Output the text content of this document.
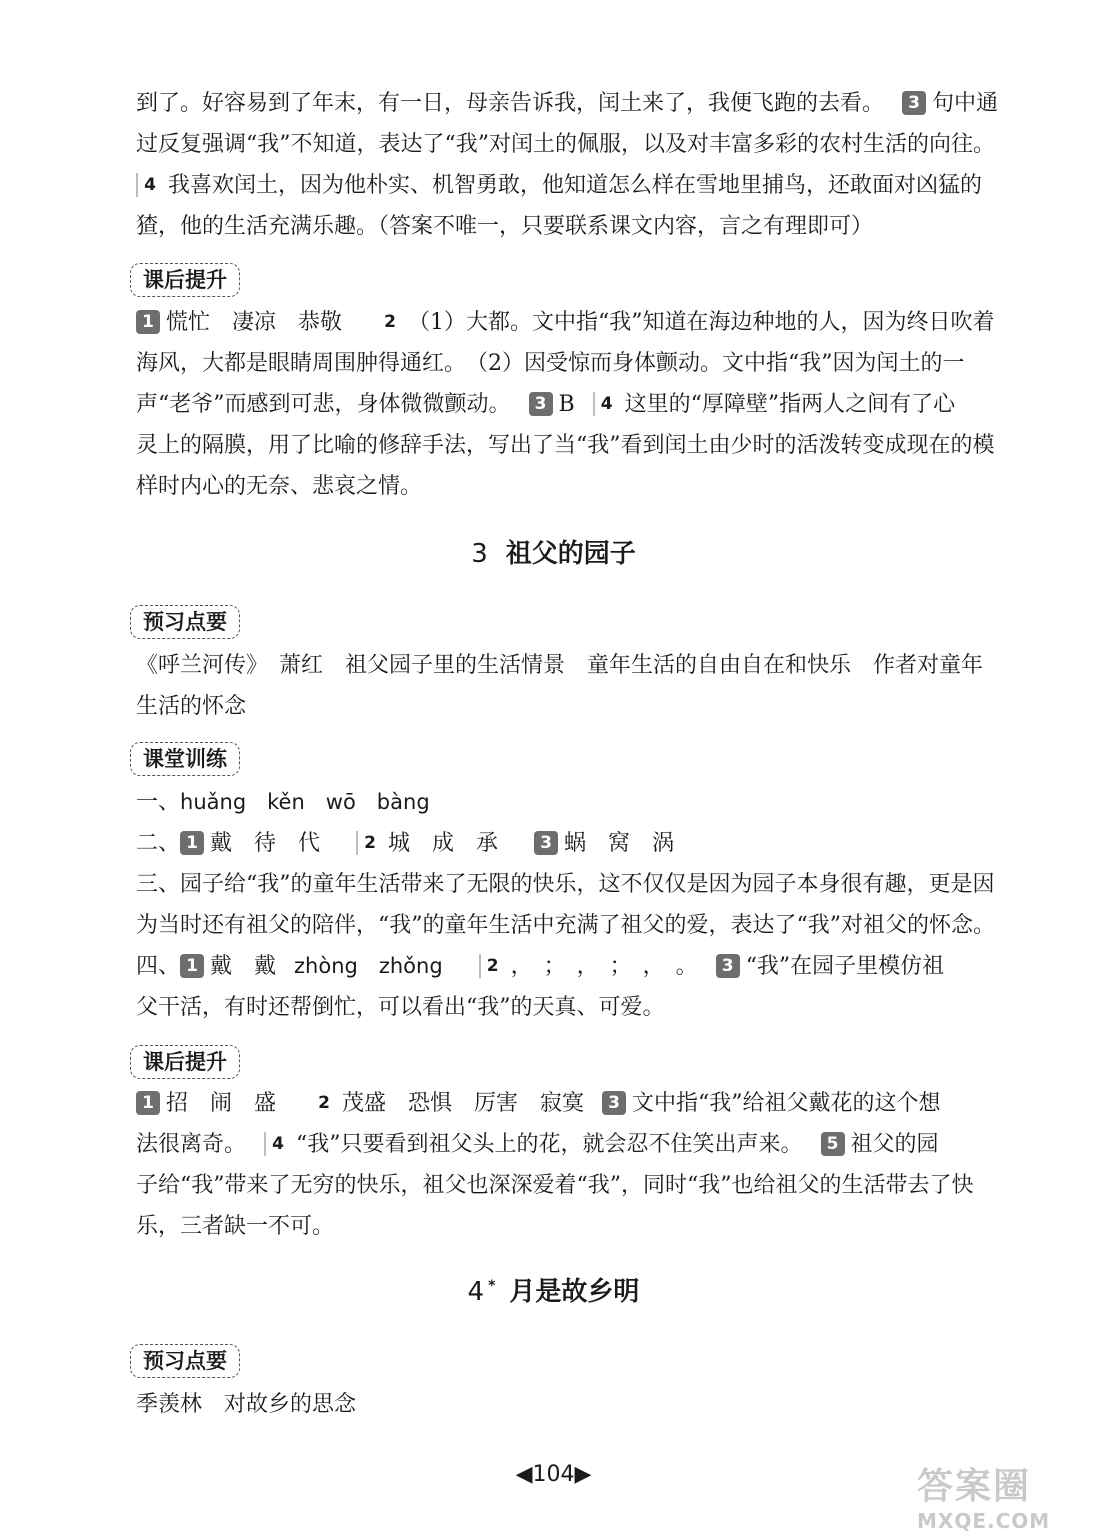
到了。好容易到了年末，有一日，母亲告诉我，闰土来了，我便飞跑的去看。 3 句中通
过反复强调“我”不知道，表达了“我”对闰土的佩服，以及对丰富多彩的农村生活的向往。
4 我喜欢闰土，因为他朴实、机智勇敢，他知道怎么样在雪地里捕鸟，还敢面对凶猛的
猹，他的生活充满乐趣。（答案不唯一，只要联系课文内容，言之有理即可）
课后提升
1 慌忙　凄凉　恭敬 2 （1）大都。文中指“我”知道在海边种地的人，因为终日吹着
海风，大都是眼睛周围肿得通红。　（2）因受惊而身体颤动。文中指“我”因为闰土的一
声“老爷”而感到可悲，身体微微颤动。 3 B 4 这里的“厚障壁”指两人之间有了心
灵上的隔膜，用了比喻的修辞手法，写出了当“我”看到闰土由少时的活泼转变成现在的模
样时内心的无奈、悲哀之情。
3 祖父的园子
预习点要
《呼兰河传》　萧红　祖父园子里的生活情景　童年生活的自由自在和快乐　作者对童年
生活的怀念
课堂训练
一、huǎng　kěn　wō　bàng
二、 1 戴　待　代	2 城　成　承 3 蜗　窝　涡
三、园子给“我”的童年生活带来了无限的快乐，这不仅仅是因为园子本身很有趣，更是因
为当时还有祖父的陪伴，“我”的童年生活中充满了祖父的爱，表达了“我”对祖父的怀念。
四、 1 戴　戴 zhòng　zhǒng	2 ，　；　，　；　，　。 3 “我”在园子里模仿祖
父干活，有时还帮倒忙，可以看出“我”的天真、可爱。
课后提升
1 招　闹　盛 2 茂盛　恐惧　厉害　寂寞 3 文中指“我”给祖父戴花的这个想
法很离奇。 4 “我”只要看到祖父头上的花，就会忍不住笑出声来。 5 祖父的园
子给“我”带来了无穷的快乐，祖父也深深爱着“我”，同时“我”也给祖父的生活带去了快
乐，三者缺一不可。
4 * 月是故乡明
预习点要
季羡林　对故乡的思念
◀104▶	答案圈
MXQE.COM
